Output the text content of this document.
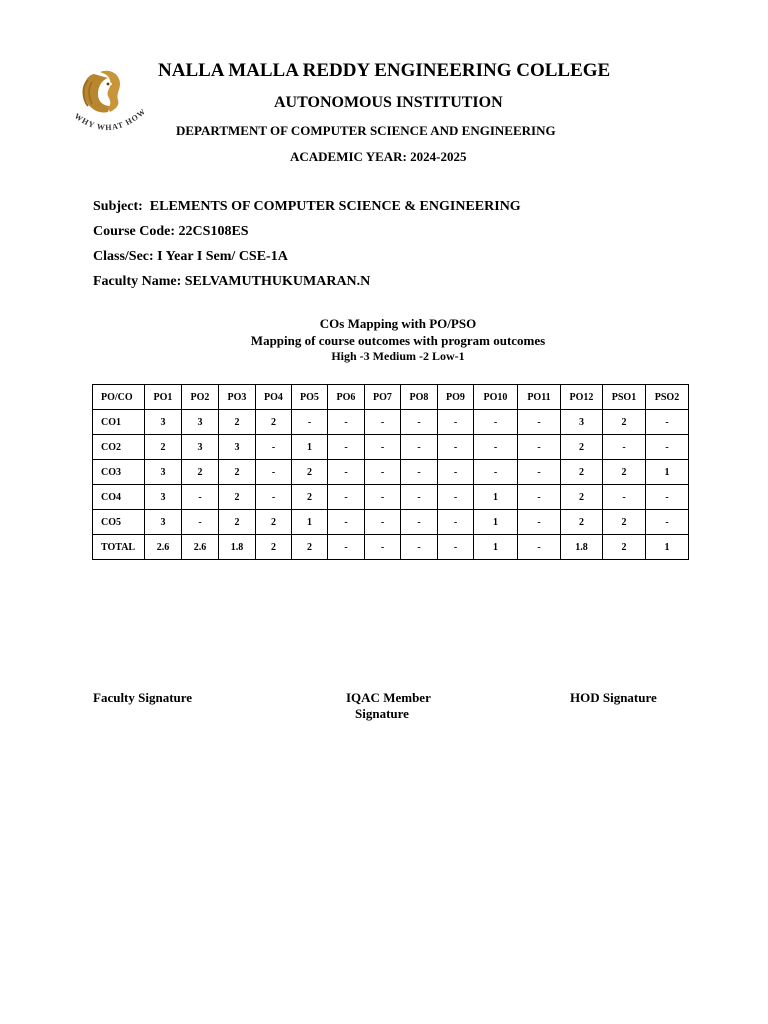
WHY WHAT HOW
NALLA MALLA REDDY ENGINEERING COLLEGE
AUTONOMOUS INSTITUTION
DEPARTMENT OF COMPUTER SCIENCE AND ENGINEERING
ACADEMIC YEAR: 2024-2025
Subject:  ELEMENTS OF COMPUTER SCIENCE & ENGINEERING
Course Code: 22CS108ES
Class/Sec: I Year I Sem/ CSE-1A
Faculty Name: SELVAMUTHUKUMARAN.N
COs Mapping with PO/PSO
Mapping of course outcomes with program outcomes
High -3 Medium -2 Low-1
PO/CO	PO1	PO2	PO3	PO4	PO5	PO6	PO7	PO8	PO9	PO10	PO11	PO12	PSO1	PSO2
CO1	3	3	2	2	-	-	-	-	-	-	-	3	2	-
CO2	2	3	3	-	1	-	-	-	-	-	-	2	-	-
CO3	3	2	2	-	2	-	-	-	-	-	-	2	2	1
CO4	3	-	2	-	2	-	-	-	-	1	-	2	-	-
CO5	3	-	2	2	1	-	-	-	-	1	-	2	2	-
TOTAL	2.6	2.6	1.8	2	2	-	-	-	-	1	-	1.8	2	1
Faculty Signature	IQAC Member
Signature
HOD Signature
